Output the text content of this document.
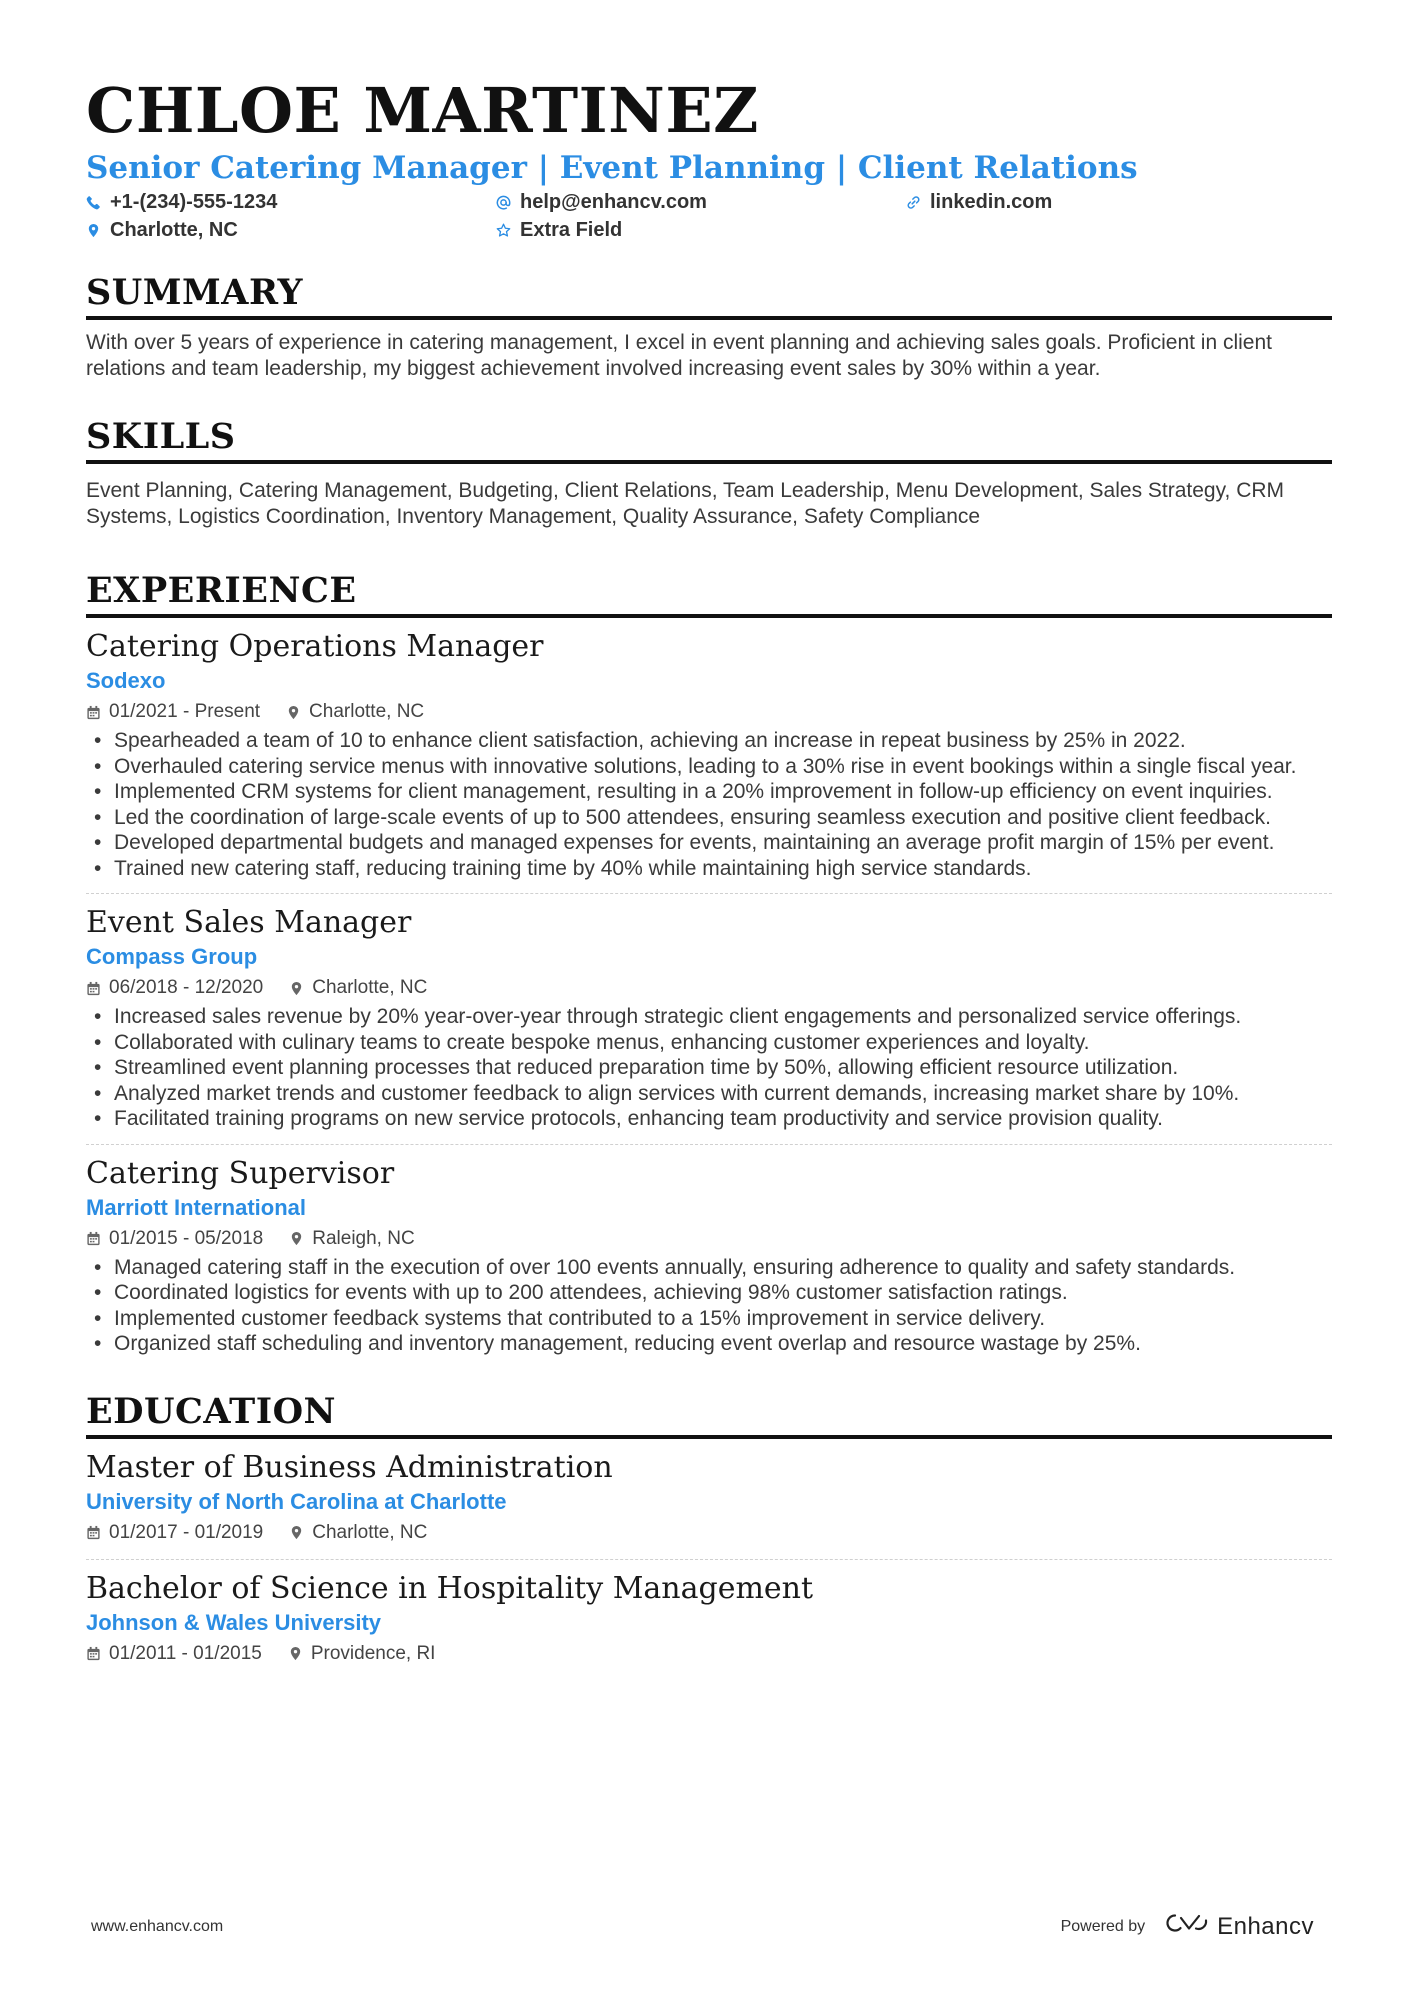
CHLOE MARTINEZ
Senior Catering Manager | Event Planning | Client Relations
+1-(234)-555-1234	help@enhancv.com	linkedin.com
Charlotte, NC	Extra Field
SUMMARY

With over 5 years of experience in catering management, I excel in event planning and achieving sales goals. Proficient in client relations and team leadership, my biggest achievement involved increasing event sales by 30% within a year.

SKILLS

Event Planning, Catering Management, Budgeting, Client Relations, Team Leadership, Menu Development, Sales Strategy, CRM Systems, Logistics Coordination, Inventory Management, Quality Assurance, Safety Compliance

EXPERIENCE
Catering Operations Manager
Sodexo
01/2021 - Present	Charlotte, NC
• Spearheaded a team of 10 to enhance client satisfaction, achieving an increase in repeat business by 25% in 2022.
• Overhauled catering service menus with innovative solutions, leading to a 30% rise in event bookings within a single fiscal year.
• Implemented CRM systems for client management, resulting in a 20% improvement in follow-up efficiency on event inquiries.
• Led the coordination of large-scale events of up to 500 attendees, ensuring seamless execution and positive client feedback.
• Developed departmental budgets and managed expenses for events, maintaining an average profit margin of 15% per event.
• Trained new catering staff, reducing training time by 40% while maintaining high service standards.
Event Sales Manager
Compass Group
06/2018 - 12/2020	Charlotte, NC
• Increased sales revenue by 20% year-over-year through strategic client engagements and personalized service offerings.
• Collaborated with culinary teams to create bespoke menus, enhancing customer experiences and loyalty.
• Streamlined event planning processes that reduced preparation time by 50%, allowing efficient resource utilization.
• Analyzed market trends and customer feedback to align services with current demands, increasing market share by 10%.
• Facilitated training programs on new service protocols, enhancing team productivity and service provision quality.
Catering Supervisor
Marriott International
01/2015 - 05/2018	Raleigh, NC
• Managed catering staff in the execution of over 100 events annually, ensuring adherence to quality and safety standards.
• Coordinated logistics for events with up to 200 attendees, achieving 98% customer satisfaction ratings.
• Implemented customer feedback systems that contributed to a 15% improvement in service delivery.
• Organized staff scheduling and inventory management, reducing event overlap and resource wastage by 25%.
EDUCATION
Master of Business Administration
University of North Carolina at Charlotte
01/2017 - 01/2019	Charlotte, NC
Bachelor of Science in Hospitality Management
Johnson & Wales University
01/2011 - 01/2015	Providence, RI
www.enhancv.com	Powered by	Enhancv
